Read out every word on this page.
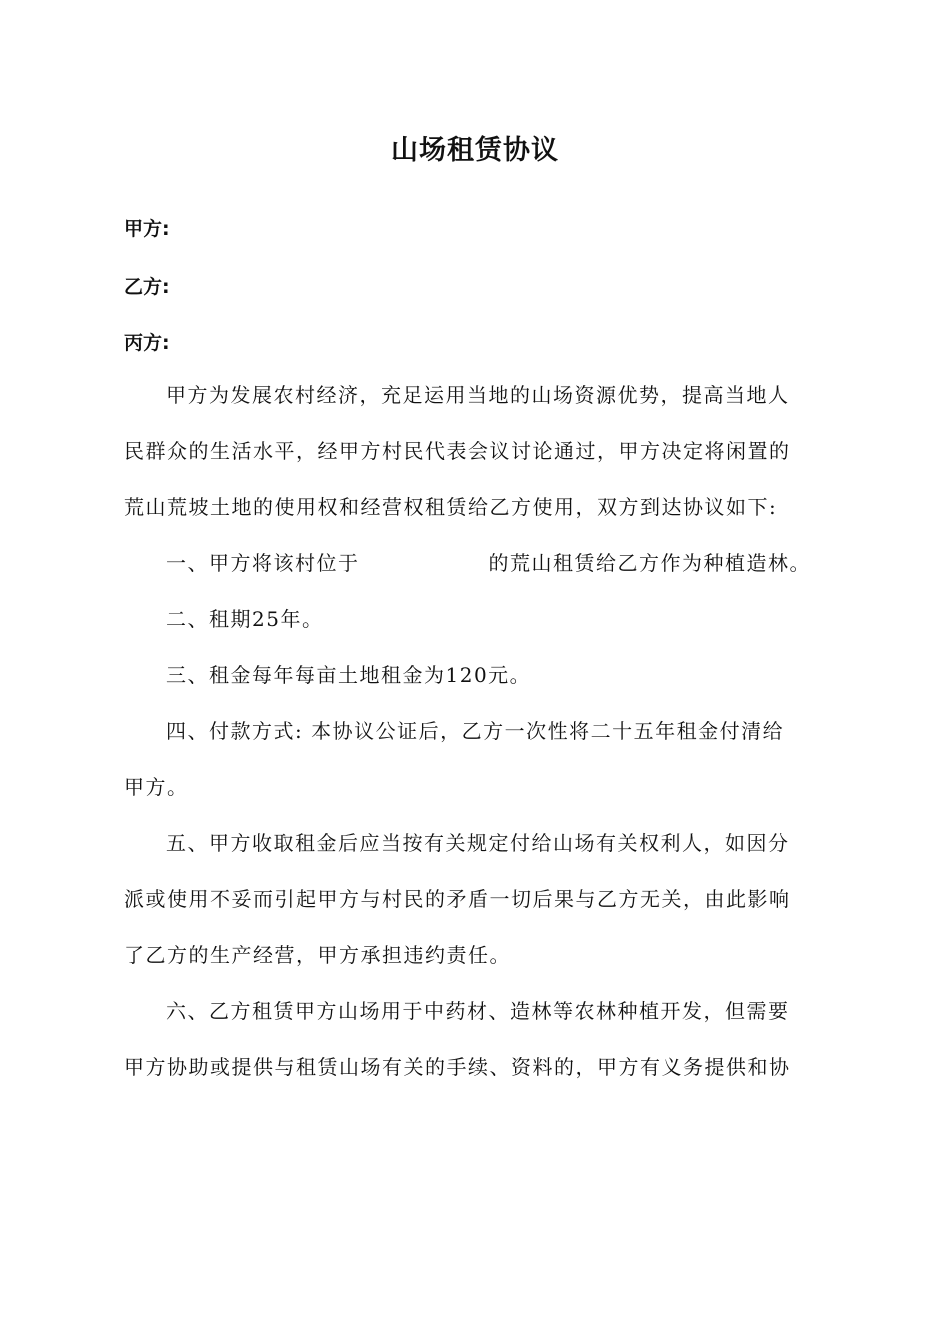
山场租赁协议
甲方:
乙方:
丙方:
甲方为发展农村经济，充足运用当地的山场资源优势，提高当地人
民群众的生活水平，经甲方村民代表会议讨论通过，甲方决定将闲置的
荒山荒坡土地的使用权和经营权租赁给乙方使用，双方到达协议如下:
一、甲方将该村位于　　　　　　的荒山租赁给乙方作为种植造林。
二、租期25年。
三、租金每年每亩土地租金为120元。
四、付款方式: 本协议公证后，乙方一次性将二十五年租金付清给
甲方。
五、甲方收取租金后应当按有关规定付给山场有关权利人，如因分
派或使用不妥而引起甲方与村民的矛盾一切后果与乙方无关，由此影响
了乙方的生产经营，甲方承担违约责任。
六、乙方租赁甲方山场用于中药材、造林等农林种植开发，但需要
甲方协助或提供与租赁山场有关的手续、资料的，甲方有义务提供和协
